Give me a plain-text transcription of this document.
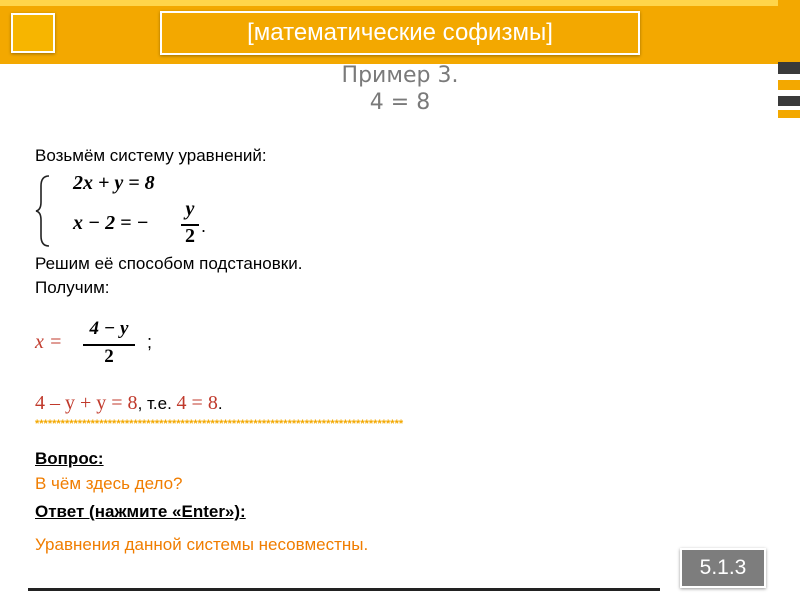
[математические софизмы]
Пример 3.
4 = 8
Возьмём систему уравнений:
2x + y = 8
x − 2 = −
y
2 .
Решим её способом подстановки.
Получим:
x =
4 − y
2
;
4 – y + y = 8, т.е. 4 = 8.
**************************************************************************************
Вопрос:
В чём здесь дело?
Ответ (нажмите «Enter»):
Уравнения данной системы несовместны.
5.1.3
